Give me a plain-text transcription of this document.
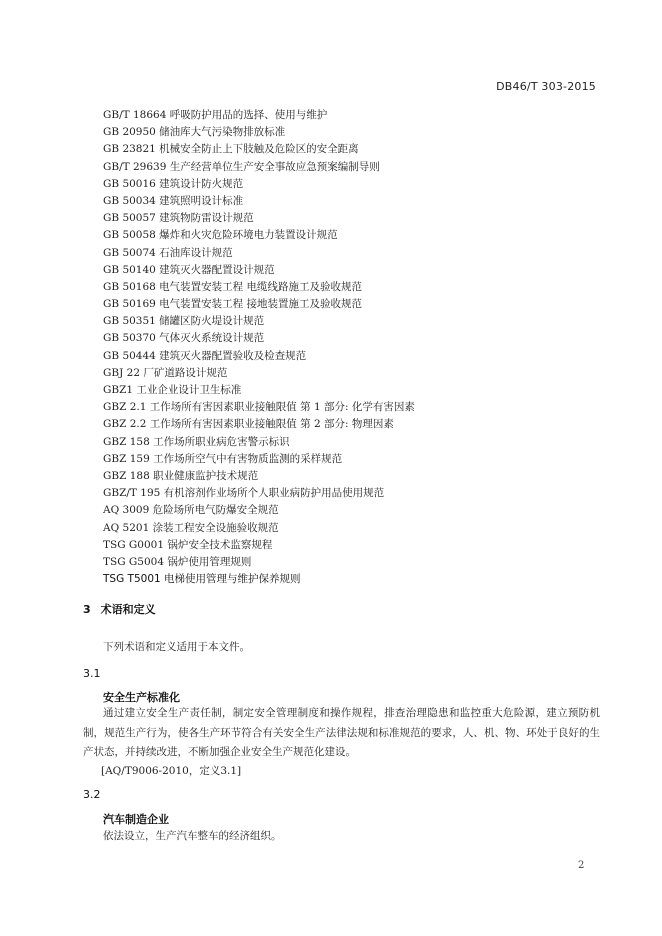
DB46/T 303-2015
GB/T 18664 呼吸防护用品的选择、使用与维护
GB 20950 储油库大气污染物排放标准
GB 23821 机械安全防止上下肢触及危险区的安全距离
GB/T 29639 生产经营单位生产安全事故应急预案编制导则
GB 50016 建筑设计防火规范
GB 50034 建筑照明设计标准
GB 50057 建筑物防雷设计规范
GB 50058 爆炸和火灾危险环境电力装置设计规范
GB 50074 石油库设计规范
GB 50140 建筑灭火器配置设计规范
GB 50168 电气装置安装工程 电缆线路施工及验收规范
GB 50169 电气装置安装工程 接地装置施工及验收规范
GB 50351 储罐区防火堤设计规范
GB 50370 气体灭火系统设计规范
GB 50444 建筑灭火器配置验收及检查规范
GBJ 22 厂矿道路设计规范
GBZ1 工业企业设计卫生标准
GBZ 2.1 工作场所有害因素职业接触限值 第 1 部分: 化学有害因素
GBZ 2.2 工作场所有害因素职业接触限值 第 2 部分: 物理因素
GBZ 158 工作场所职业病危害警示标识
GBZ 159 工作场所空气中有害物质监测的采样规范
GBZ 188 职业健康监护技术规范
GBZ/T 195 有机溶剂作业场所个人职业病防护用品使用规范
AQ 3009 危险场所电气防爆安全规范
AQ 5201 涂装工程安全设施验收规范
TSG G0001 锅炉安全技术监察规程
TSG G5004 锅炉使用管理规则
TSG T5001 电梯使用管理与维护保养规则
3 术语和定义
下列术语和定义适用于本文件。
3.1
安全生产标准化

通过建立安全生产责任制，制定安全管理制度和操作规程，排查治理隐患和监控重大危险源，建立预防机制，规范生产行为，使各生产环节符合有关安全生产法律法规和标准规范的要求，人、机、物、环处于良好的生产状态，并持续改进，不断加强企业安全生产规范化建设。

[AQ/T9006-2010，定义3.1]
3.2
汽车制造企业

依法设立，生产汽车整车的经济组织。

2
